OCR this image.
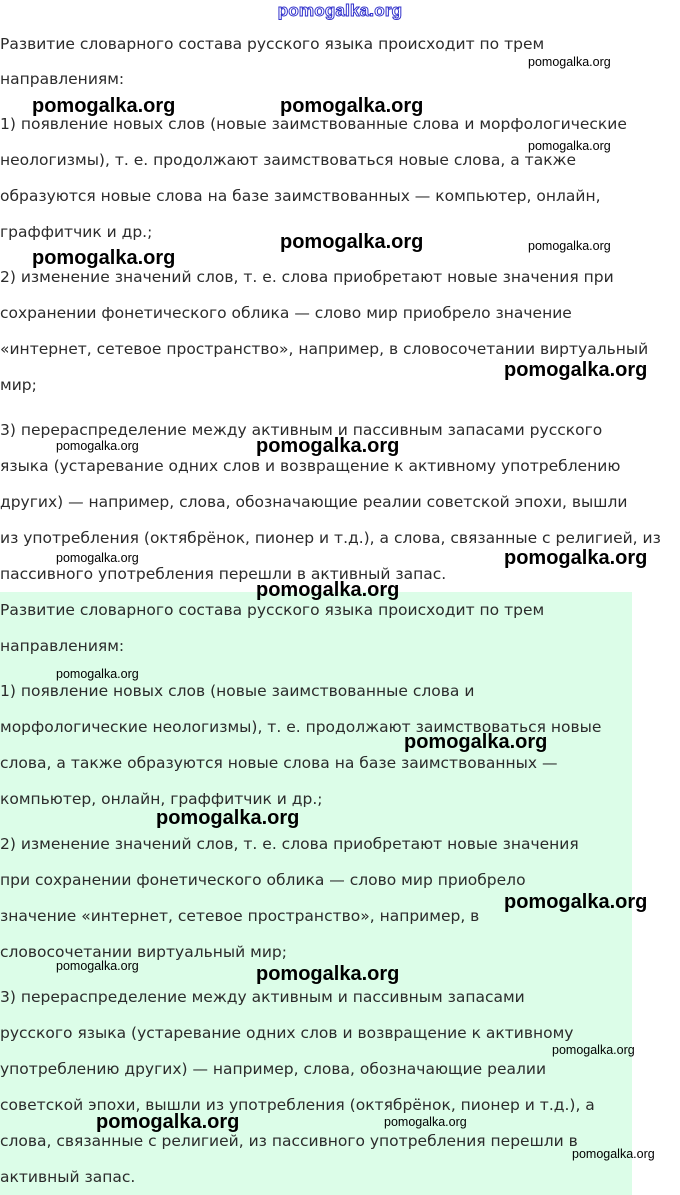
pomogalka.org
Развитие словарного состава русского языка происходит по трем
направлениям:
1) появление новых слов (новые заимствованные слова и морфологические
неологизмы), т. е. продолжают заимствоваться новые слова, а также
образуются новые слова на базе заимствованных — компьютер, онлайн,
граффитчик и др.;
2) изменение значений слов, т. е. слова приобретают новые значения при
сохранении фонетического облика — слово мир приобрело значение
«интернет, сетевое пространство», например, в словосочетании виртуальный
мир;
3) перераспределение между активным и пассивным запасами русского
языка (устаревание одних слов и возвращение к активному употреблению
других) — например, слова, обозначающие реалии советской эпохи, вышли
из употребления (октябрёнок, пионер и т.д.), а слова, связанные с религией, из
пассивного употребления перешли в активный запас.
Развитие словарного состава русского языка происходит по трем
направлениям:
1) появление новых слов (новые заимствованные слова и
морфологические неологизмы), т. е. продолжают заимствоваться новые
слова, а также образуются новые слова на базе заимствованных —
компьютер, онлайн, граффитчик и др.;
2) изменение значений слов, т. е. слова приобретают новые значения
при сохранении фонетического облика — слово мир приобрело
значение «интернет, сетевое пространство», например, в
словосочетании виртуальный мир;
3) перераспределение между активным и пассивным запасами
русского языка (устаревание одних слов и возвращение к активному
употреблению других) — например, слова, обозначающие реалии
советской эпохи, вышли из употребления (октябрёнок, пионер и т.д.), а
слова, связанные с религией, из пассивного употребления перешли в
активный запас.
pomogalka.org
pomogalka.org	pomogalka.org
pomogalka.org
pomogalka.org	pomogalka.org
pomogalka.org
pomogalka.org
pomogalka.org	pomogalka.org
pomogalka.org	pomogalka.org
pomogalka.org
pomogalka.org
pomogalka.org
pomogalka.org
pomogalka.org
pomogalka.org	pomogalka.org
pomogalka.org
pomogalka.org	pomogalka.org
pomogalka.org
